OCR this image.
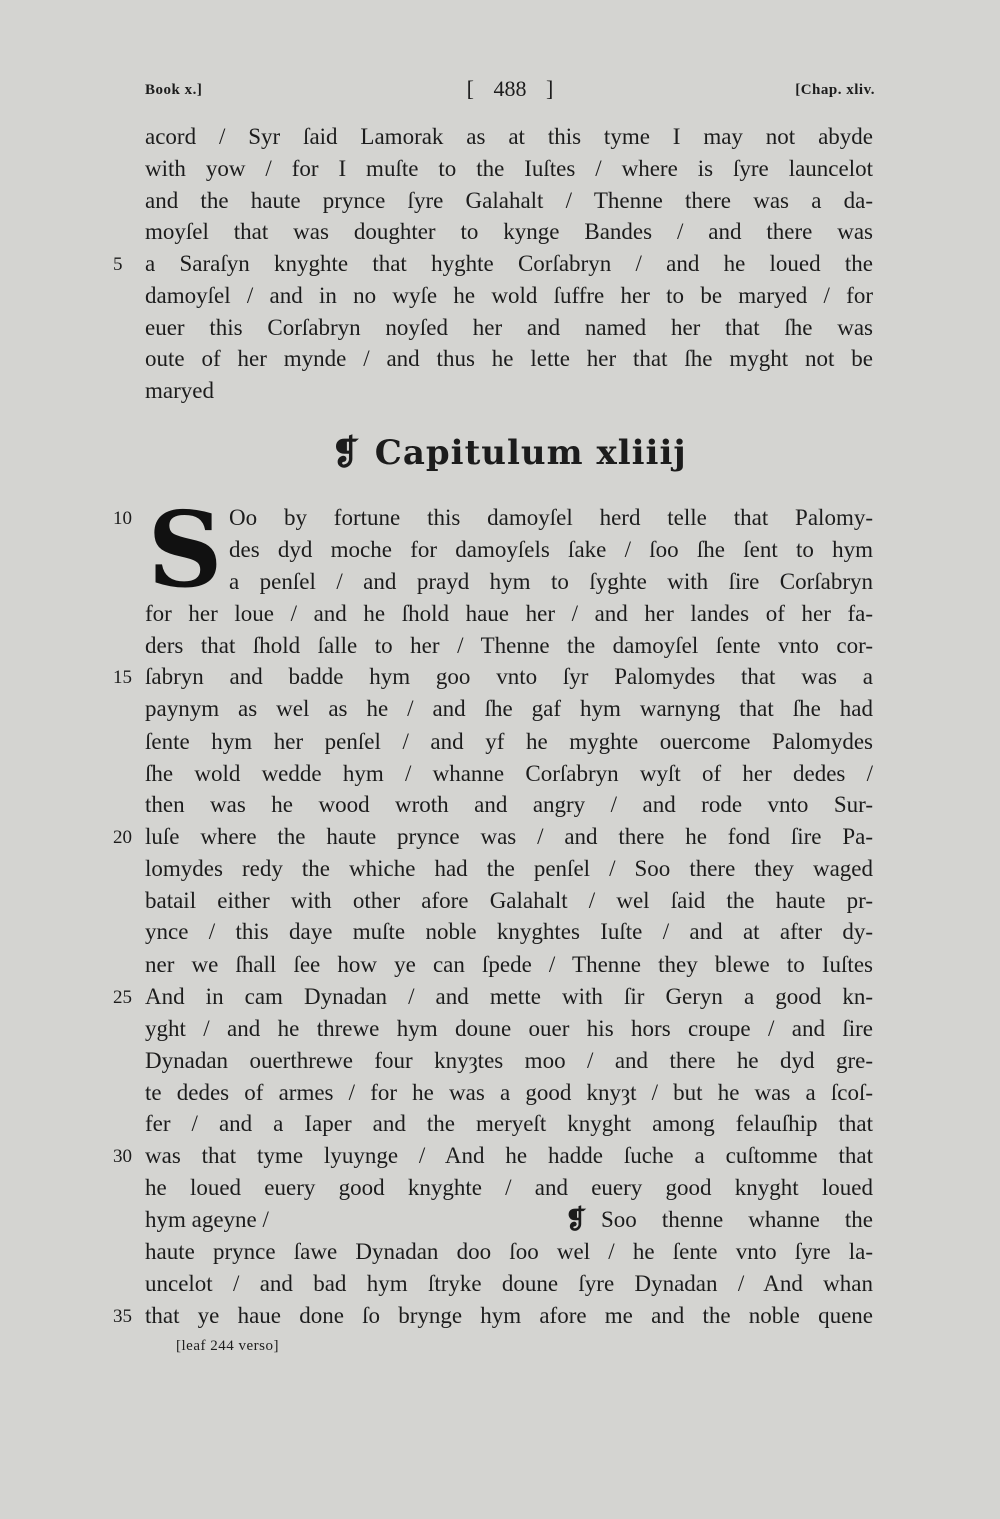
Book x.]	[ 488 ]	[Chap. xliv.
acord / Syr ſaid Lamorak as at this tyme I may not abyde
with yow / for I muſte to the Iuſtes / where is ſyre launcelot
and the haute prynce ſyre Galahalt / Thenne there was a da-
moyſel that was doughter to kynge Bandes / and there was
5 a Saraſyn knyghte that hyghte Corſabryn / and he loued the
damoyſel / and in no wyſe he wold ſuffre her to be maryed / for
euer this Corſabryn noyſed her and named her that ſhe was
oute of her mynde / and thus he lette her that ſhe myght not be
maryed
❡ Capitulum xliiij
S
10	Oo by fortune this damoyſel herd telle that Palomy-
des dyd moche for damoyſels ſake / ſoo ſhe ſent to hym
a penſel / and prayd hym to ſyghte with ſire Corſabryn
for her loue / and he ſhold haue her / and her landes of her fa-
ders that ſhold ſalle to her / Thenne the damoyſel ſente vnto cor-
15 ſabryn and badde hym goo vnto ſyr Palomydes that was a
paynym as wel as he / and ſhe gaf hym warnyng that ſhe had
ſente hym her penſel / and yf he myghte ouercome Palomydes
ſhe wold wedde hym / whanne Corſabryn wyſt of her dedes /
then was he wood wroth and angry / and rode vnto Sur-
20 luſe where the haute prynce was / and there he fond ſire Pa-
lomydes redy the whiche had the penſel / Soo there they waged
batail either with other afore Galahalt / wel ſaid the haute pr-
ynce / this daye muſte noble knyghtes Iuſte / and at after dy-
ner we ſhall ſee how ye can ſpede / Thenne they blewe to Iuſtes
25 And in cam Dynadan / and mette with ſir Geryn a good kn-
yght / and he threwe hym doune ouer his hors croupe / and ſire
Dynadan ouerthrewe four knyȝtes moo / and there he dyd gre-
te dedes of armes / for he was a good knyȝt / but he was a ſcoſ-
fer / and a Iaper and the meryeſt knyght among felauſhip that
30 was that tyme lyuynge / And he hadde ſuche a cuſtomme that
he loued euery good knyghte / and euery good knyght loued
hym ageyne /	❡ Soo thenne whanne the
haute prynce ſawe Dynadan doo ſoo wel / he ſente vnto ſyre la-
uncelot / and bad hym ſtryke doune ſyre Dynadan / And whan
35 that ye haue done ſo brynge hym afore me and the noble quene
[leaf 244 verso]
